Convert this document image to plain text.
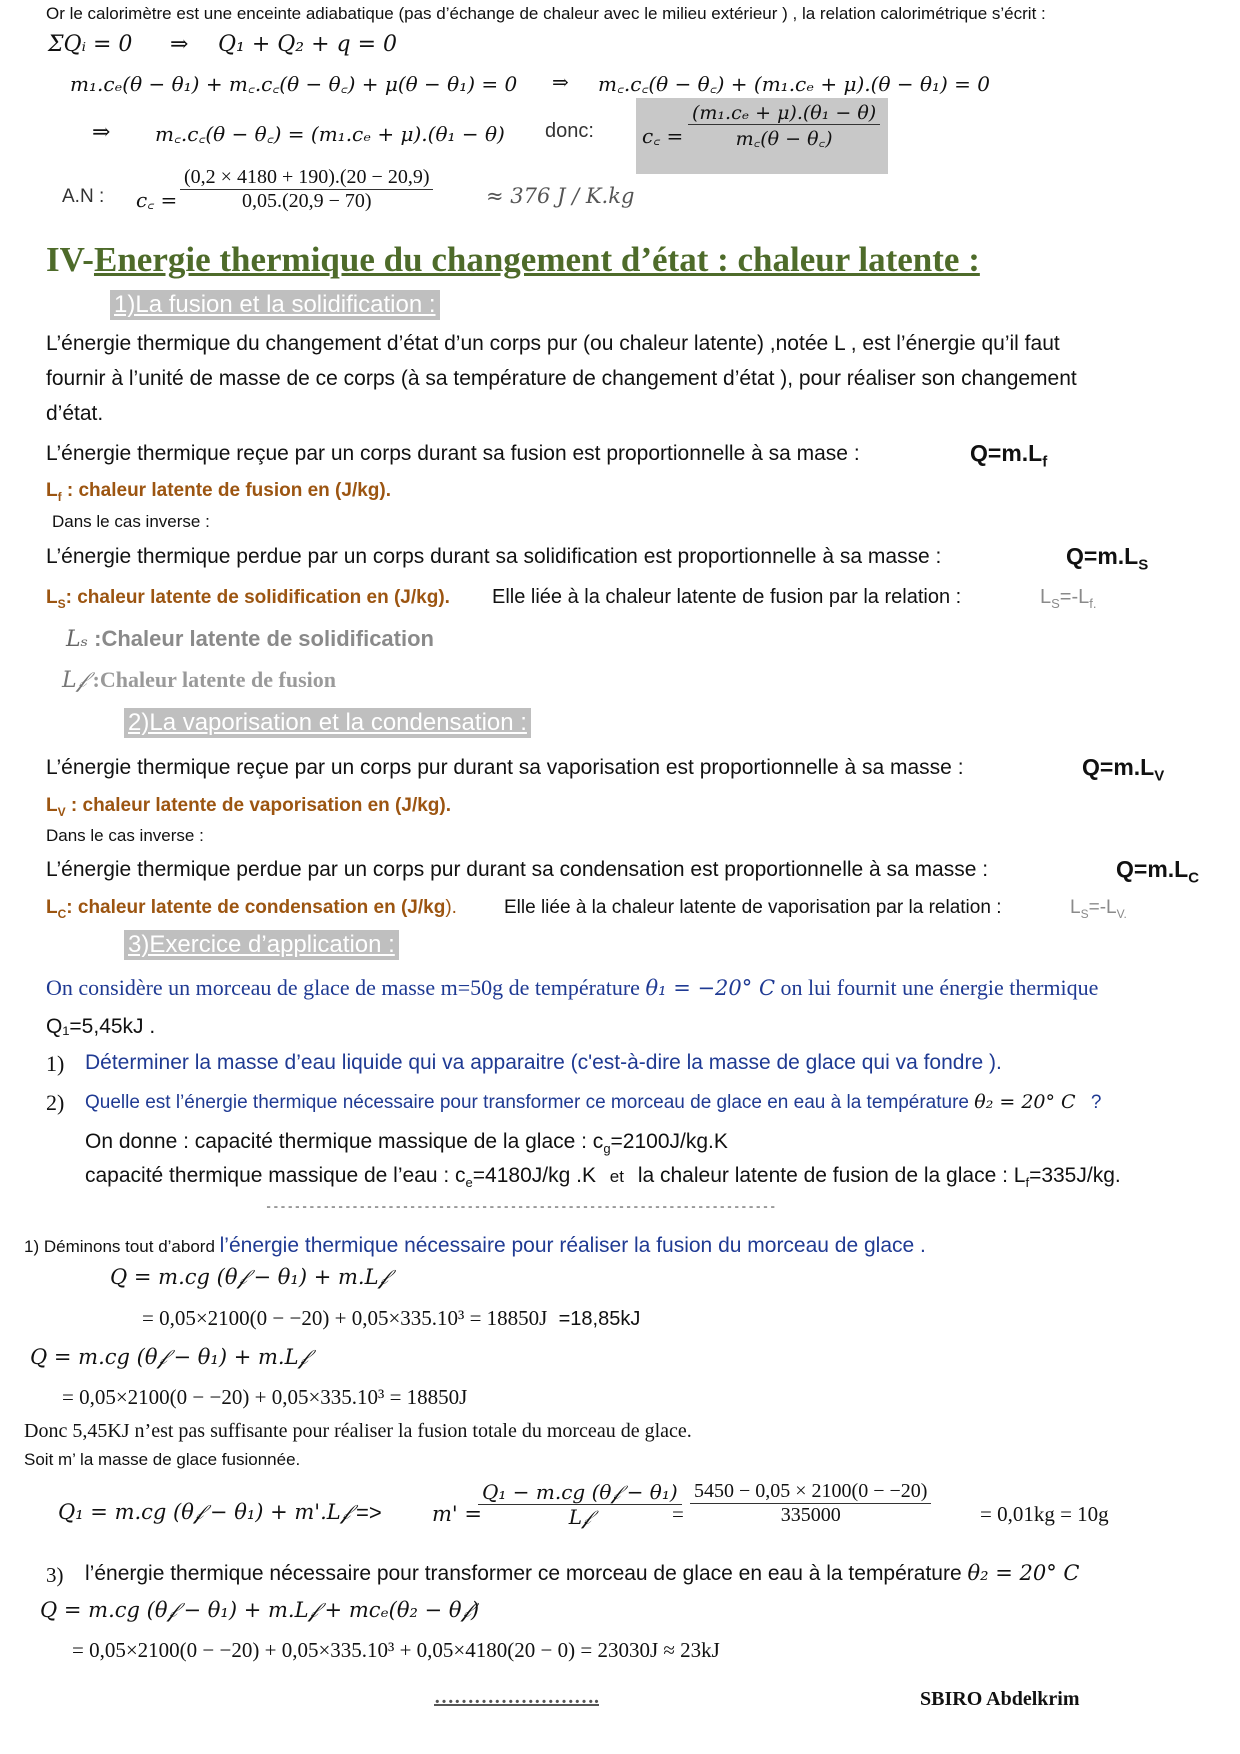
Or le calorimètre est une enceinte adiabatique (pas d’échange de chaleur avec le milieu extérieur ) , la relation calorimétrique s’écrit :
ΣQᵢ = 0 ⇒ Q₁ + Q₂ + q = 0
m₁.cₑ(θ − θ₁) + m꜀.c꜀(θ − θ꜀) + μ(θ − θ₁) = 0 ⇒ m꜀.c꜀(θ − θ꜀) + (m₁.cₑ + μ).(θ − θ₁) = 0
⇒ m꜀.c꜀(θ − θ꜀) = (m₁.cₑ + μ).(θ₁ − θ) donc: c꜀ = $\frac{\text{(m₁.cₑ + μ).(θ₁ − θ)}}{m꜀(\theta - \theta꜀)}$
A.N : c꜀ = $\frac{(0,2 \times 4180 + 190).(20 - 20,9)}{0,05.(20,9 - 70)}$	≈ 376 J / K.kg
IV-Energie thermique du changement d’état : chaleur latente :
1)La fusion et la solidification :
L’énergie thermique du changement d’état d’un corps pur (ou chaleur latente) ,notée L , est l’énergie qu’il faut
fournir à l’unité de masse de ce corps (à sa température de changement d’état ), pour réaliser son changement
d’état.
L’énergie thermique reçue par un corps durant sa fusion est proportionnelle à sa mase :	$Q=m.L_f$
$L_f$ : chaleur latente de fusion en (J/kg).
Dans le cas inverse :
L’énergie thermique perdue par un corps durant sa solidification est proportionnelle à sa masse :	$Q=m.L_S$
$L_S$: chaleur latente de solidification en (J/kg). Elle liée à la chaleur latente de fusion par la relation :	$L_S=-L_{f.}$
Lₛ :Chaleur latente de solidification
L𝒻 :Chaleur latente de fusion
2)La vaporisation et la condensation :
L’énergie thermique reçue par un corps pur durant sa vaporisation est proportionnelle à sa masse :	$Q=m.L_V$
$L_V$ : chaleur latente de vaporisation en (J/kg).
Dans le cas inverse :
L’énergie thermique perdue par un corps pur durant sa condensation est proportionnelle à sa masse :	$Q=m.L_C$
$L_C$: chaleur latente de condensation en (J/kg). Elle liée à la chaleur latente de vaporisation par la relation :	$L_S=-L_{V.}$
3)Exercice d’application :
On considère un morceau de glace de masse m=50g de température θ₁ = −20° C on lui fournit une énergie thermique
Q₁=5,45kJ .
1) Déterminer la masse d’eau liquide qui va apparaitre (c'est-à-dire la masse de glace qui va fondre ).
2) Quelle est l’énergie thermique nécessaire pour transformer ce morceau de glace en eau à la température θ₂ = 20° C ?
On donne : capacité thermique massique de la glace : $c_g=2100J/kg.K$
capacité thermique massique de l’eau : $c_e=4180J/kg$ .K et la chaleur latente de fusion de la glace : $L_f=335J/kg$.
-----------------------------------------------------------------------
1) Déminons tout d’abord l’énergie thermique nécessaire pour réaliser la fusion du morceau de glace .
Q = m.c𝑔 (θ𝒻 − θ₁) + m.L𝒻
= 0,05×2100(0 − −20) + 0,05×335.10³ = 18850J =18,85kJ
Q = m.c𝑔 (θ𝒻 − θ₁) + m.L𝒻
= 0,05×2100(0 − −20) + 0,05×335.10³ = 18850J
Donc 5,45KJ n’est pas suffisante pour réaliser la fusion totale du morceau de glace.
Soit m’ la masse de glace fusionnée.
Q₁ = m.c𝑔 (θ𝒻 − θ₁) + m'.L𝒻 => m' =
$\frac{\text{Q₁ − m.c𝑔 (θ𝒻 − θ₁)}}{\text{L𝒻}}$
= $\frac{5450 - 0,05 \times 2100(0 - -20)}{335000} = 0,01kg = 10g$
3) l’énergie thermique nécessaire pour transformer ce morceau de glace en eau à la température θ₂ = 20° C
Q = m.c𝑔 (θ𝒻 − θ₁) + m.L𝒻 + mcₑ(θ₂ − θ𝒻)
= 0,05×2100(0 − −20) + 0,05×335.10³ + 0,05×4180(20 − 0) = 23030J ≈ 23kJ
…………………….	SBIRO Abdelkrim
